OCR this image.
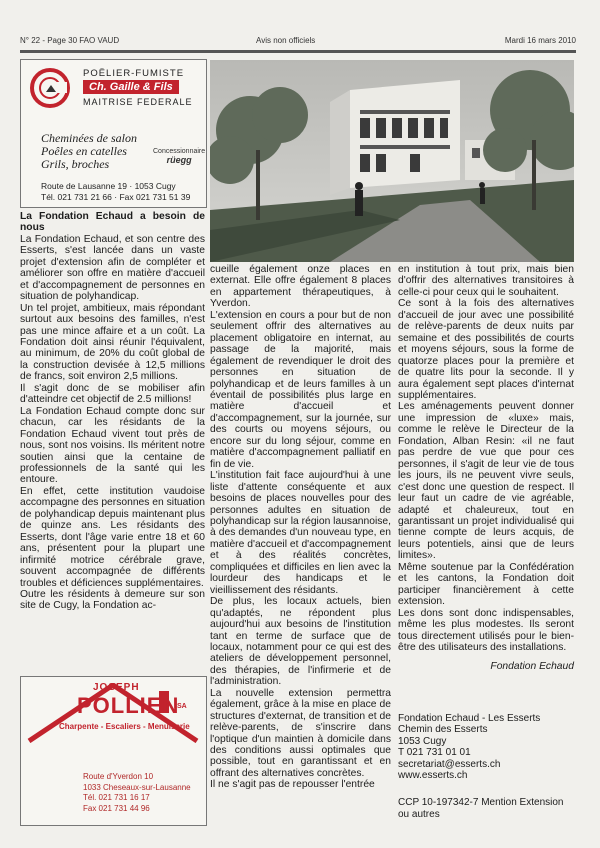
N° 22 - Page 30 FAO VAUD	Avis non officiels	Mardi 16 mars 2010
POËLIER-FUMISTE
Ch. Gaille & Fils
MAITRISE FEDERALE
Cheminées de salon
Poêles en catelles
Grils, broches
Concessionnaire
rüegg
Route de Lausanne 19 · 1053 Cugy
Tél. 021 731 21 66 · Fax 021 731 51 39

La Fondation Echaud a besoin de nous

La Fondation Echaud, et son centre des Esserts, s'est lancée dans un vaste projet d'extension afin de compléter et améliorer son offre en matière d'accueil et d'accompagnement de personnes en situation de polyhandicap.

Un tel projet, ambitieux, mais répondant surtout aux besoins des familles, n'est pas une mince affaire et a un coût. La Fondation doit ainsi réunir l'équivalent, au minimum, de 20% du coût global de la construction devisée à 12,5 millions de francs, soit environ 2,5 millions.

Il s'agit donc de se mobiliser afin d'atteindre cet objectif de 2.5 millions!

La Fondation Echaud compte donc sur chacun, car les résidants de la Fondation Echaud vivent tout près de nous, sont nos voisins. Ils méritent notre soutien ainsi que la centaine de professionnels de la santé qui les entoure.

En effet, cette institution vaudoise accompagne des personnes en situation de polyhandicap depuis maintenant plus de quinze ans. Les résidants des Esserts, dont l'âge varie entre 18 et 60 ans, présentent pour la plupart une infirmité motrice cérébrale grave, souvent accompagnée de différents troubles et déficiences supplémentaires.

Outre les résidents à demeure sur son site de Cugy, la Fondation ac-

cueille également onze places en externat. Elle offre également 8 places en appartement thérapeutiques, à Yverdon.

L'extension en cours a pour but de non seulement offrir des alternatives au placement obligatoire en internat, au passage de la majorité, mais également de revendiquer le droit des personnes en situation de polyhandicap et de leurs familles à un éventail de possibilités plus large en matière d'accueil et d'accompagnement, sur la journée, sur des courts ou moyens séjours, ou encore sur du long séjour, comme en matière d'accompagnement palliatif en fin de vie.

L'institution fait face aujourd'hui à une liste d'attente conséquente et aux besoins de places nouvelles pour des personnes adultes en situation de polyhandicap sur la région lausannoise, à des demandes d'un nouveau type, en matière d'accueil et d'accompagnement et à des réalités concrètes, compliquées et difficiles en lien avec la lourdeur des handicaps et le vieillissement des résidants.

De plus, les locaux actuels, bien qu'adaptés, ne répondent plus aujourd'hui aux besoins de l'institution tant en terme de surface que de locaux, notamment pour ce qui est des ateliers de développement personnel, des thérapies, de l'infirmerie et de l'administration.

La nouvelle extension permettra également, grâce à la mise en place de structures d'externat, de transition et de relève-parents, de s'inscrire dans l'optique d'un maintien à domicile dans des conditions aussi optimales que possible, tout en garantissant et en offrant des alternatives concrètes.

Il ne s'agit pas de repousser l'entrée

en institution à tout prix, mais bien d'offrir des alternatives transitoires à celle-ci pour ceux qui le souhaitent.

Ce sont à la fois des alternatives d'accueil de jour avec une possibilité de relève-parents de deux nuits par semaine et des possibilités de courts et moyens séjours, sous la forme de quatorze places pour la première et de quatre lits pour la seconde. Il y aura également sept places d'internat supplémentaires.

Les aménagements peuvent donner une impression de «luxe» mais, comme le relève le Directeur de la Fondation, Alban Resin: «il ne faut pas perdre de vue que pour ces personnes, il s'agit de leur vie de tous les jours, ils ne peuvent vivre seuls, c'est donc une question de respect. Il leur faut un cadre de vie agréable, adapté et chaleureux, tout en garantissant un projet individualisé qui tienne compte de leurs acquis, de leurs potentiels, ainsi que de leurs limites».

Même soutenue par la Confédération et les cantons, la Fondation doit participer financièrement à cette extension.

Les dons sont donc indispensables, même les plus modestes. Ils seront tous directement utilisés pour le bien-être des utilisateurs des installations.

Fondation Echaud

Fondation Echaud - Les Esserts
Chemin des Esserts
1053 Cugy
T 021 731 01 01
secretariat@esserts.ch
www.esserts.ch
CCP 10-197342-7 Mention Extension ou autres
JOSEPH
POLLIEN
SA
Charpente - Escaliers - Menuiserie
Route d'Yverdon 10
1033 Cheseaux-sur-Lausanne
Tél. 021 731 16 17
Fax 021 731 44 96
